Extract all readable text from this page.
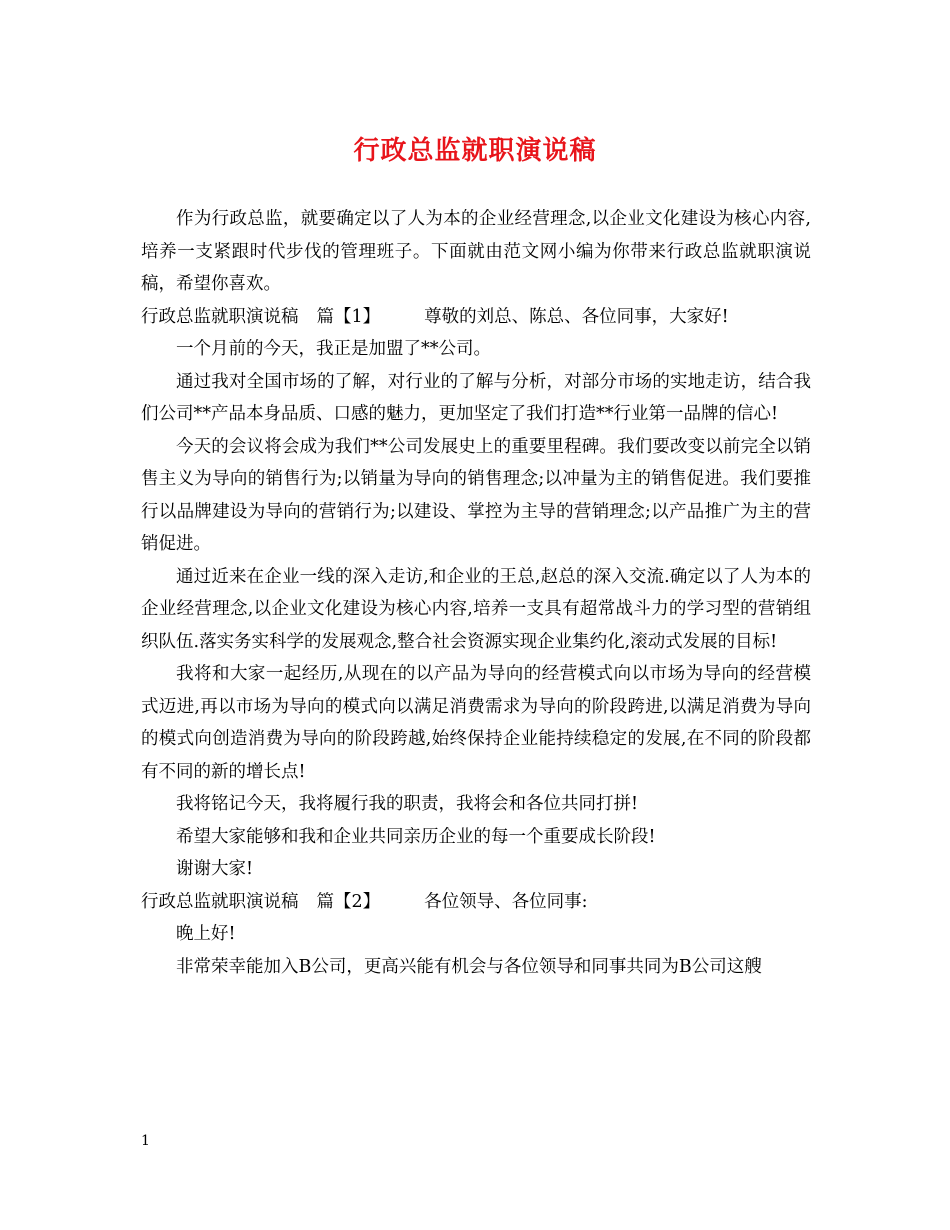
行政总监就职演说稿

作为行政总监，就要确定以了人为本的企业经营理念,以企业文化建设为核心内容,培养一支紧跟时代步伐的管理班子。下面就由范文网小编为你带来行政总监就职演说稿，希望你喜欢。

行政总监就职演说稿 篇【1】	尊敬的刘总、陈总、各位同事，大家好!

一个月前的今天，我正是加盟了**公司。

通过我对全国市场的了解，对行业的了解与分析，对部分市场的实地走访，结合我们公司**产品本身品质、口感的魅力，更加坚定了我们打造**行业第一品牌的信心!

今天的会议将会成为我们**公司发展史上的重要里程碑。我们要改变以前完全以销售主义为导向的销售行为;以销量为导向的销售理念;以冲量为主的销售促进。我们要推行以品牌建设为导向的营销行为;以建设、掌控为主导的营销理念;以产品推广为主的营销促进。

通过近来在企业一线的深入走访,和企业的王总,赵总的深入交流.确定以了人为本的企业经营理念,以企业文化建设为核心内容,培养一支具有超常战斗力的学习型的营销组织队伍.落实务实科学的发展观念,整合社会资源实现企业集约化,滚动式发展的目标!

我将和大家一起经历,从现在的以产品为导向的经营模式向以市场为导向的经营模式迈进,再以市场为导向的模式向以满足消费需求为导向的阶段跨进,以满足消费为导向的模式向创造消费为导向的阶段跨越,始终保持企业能持续稳定的发展,在不同的阶段都有不同的新的增长点!

我将铭记今天，我将履行我的职责，我将会和各位共同打拼!

希望大家能够和我和企业共同亲历企业的每一个重要成长阶段!

谢谢大家!

行政总监就职演说稿 篇【2】	各位领导、各位同事:

晚上好!

非常荣幸能加入B公司，更高兴能有机会与各位领导和同事共同为B公司这艘

1
